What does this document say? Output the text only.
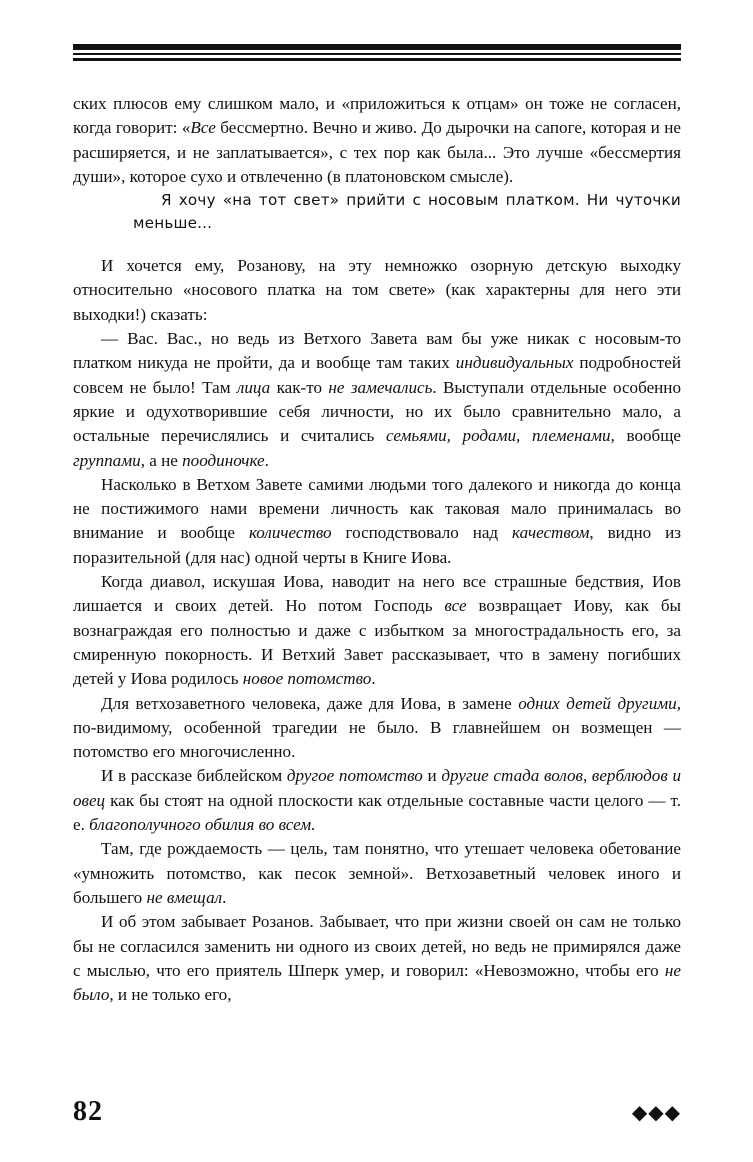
ских плюсов ему слишком мало, и «приложиться к отцам» он тоже не согласен, когда говорит: «Все бессмертно. Вечно и живо. До дырочки на сапоге, которая и не расширяется, и не заплатывается», с тех пор как была... Это лучше «бессмертия души», которое сухо и отвлеченно (в платоновском смысле).

Я хочу «на тот свет» прийти с носовым платком. Ни чуточки меньше...

И хочется ему, Розанову, на эту немножко озорную детскую выходку относительно «носового платка на том свете» (как характерны для него эти выходки!) сказать:

— Вас. Вас., но ведь из Ветхого Завета вам бы уже никак с носовым-то платком никуда не пройти, да и вообще там таких индивидуальных подробностей совсем не было! Там лица как-то не замечались. Выступали отдельные особенно яркие и одухотворившие себя личности, но их было сравнительно мало, а остальные перечислялись и считались семьями, родами, племенами, вообще группами, а не поодиночке.

Насколько в Ветхом Завете самими людьми того далекого и никогда до конца не постижимого нами времени личность как таковая мало принималась во внимание и вообще количество господствовало над качеством, видно из поразительной (для нас) одной черты в Книге Иова.

Когда диавол, искушая Иова, наводит на него все страшные бедствия, Иов лишается и своих детей. Но потом Господь все возвращает Иову, как бы вознаграждая его полностью и даже с избытком за многострадальность его, за смиренную покорность. И Ветхий Завет рассказывает, что в замену погибших детей у Иова родилось новое потомство.

Для ветхозаветного человека, даже для Иова, в замене одних детей другими, по-видимому, особенной трагедии не было. В главнейшем он возмещен — потомство его многочисленно.

И в рассказе библейском другое потомство и другие стада волов, верблюдов и овец как бы стоят на одной плоскости как отдельные составные части целого — т. е. благополучного обилия во всем.

Там, где рождаемость — цель, там понятно, что утешает человека обетование «умножить потомство, как песок земной». Ветхозаветный человек иного и большего не вмещал.

И об этом забывает Розанов. Забывает, что при жизни своей он сам не только бы не согласился заменить ни одного из своих детей, но ведь не примирялся даже с мыслью, что его приятель Шперк умер, и говорил: «Невозможно, чтобы его не было, и не только его,

82	◆◆◆
